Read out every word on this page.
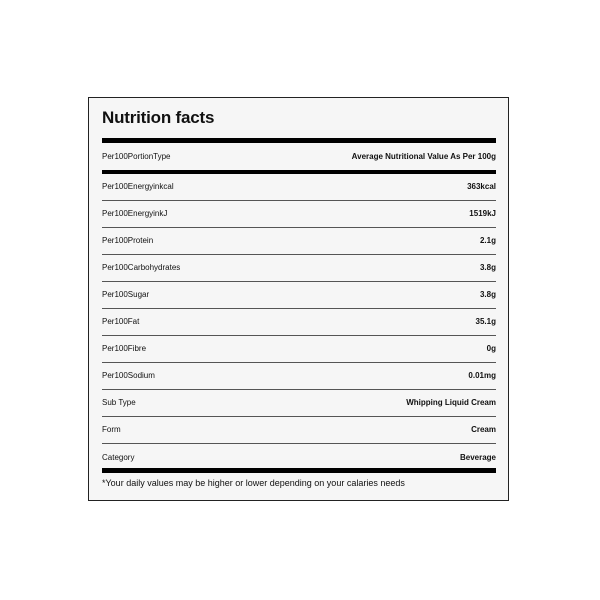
Nutrition facts
Per100PortionType	Average Nutritional Value As Per 100g
Per100Energyinkcal	363kcal
Per100EnergyinkJ	1519kJ
Per100Protein	2.1g
Per100Carbohydrates	3.8g
Per100Sugar	3.8g
Per100Fat	35.1g
Per100Fibre	0g
Per100Sodium	0.01mg
Sub Type	Whipping Liquid Cream
Form	Cream
Category	Beverage
*Your daily values may be higher or lower depending on your calaries needs
